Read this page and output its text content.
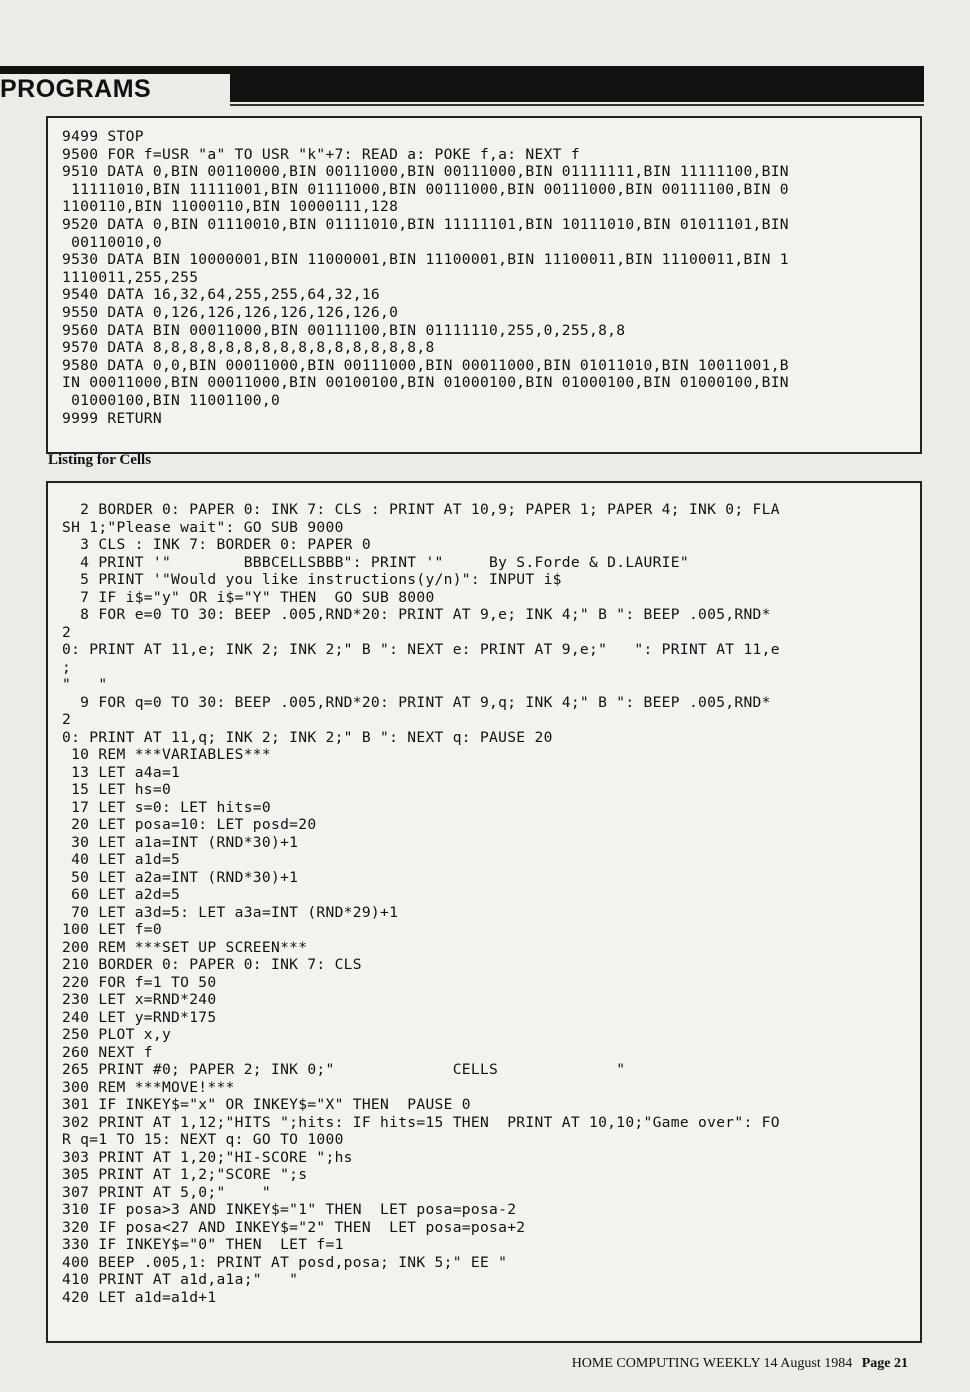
PROGRAMS
9499 STOP
9500 FOR f=USR "a" TO USR "k"+7: READ a: POKE f,a: NEXT f
9510 DATA 0,BIN 00110000,BIN 00111000,BIN 00111000,BIN 01111111,BIN 11111100,BIN
11111010,BIN 11111001,BIN 01111000,BIN 00111000,BIN 00111000,BIN 00111100,BIN 0
1100110,BIN 11000110,BIN 10000111,128
9520 DATA 0,BIN 01110010,BIN 01111010,BIN 11111101,BIN 10111010,BIN 01011101,BIN
00110010,0
9530 DATA BIN 10000001,BIN 11000001,BIN 11100001,BIN 11100011,BIN 11100011,BIN 1
1110011,255,255
9540 DATA 16,32,64,255,255,64,32,16
9550 DATA 0,126,126,126,126,126,126,0
9560 DATA BIN 00011000,BIN 00111100,BIN 01111110,255,0,255,8,8
9570 DATA 8,8,8,8,8,8,8,8,8,8,8,8,8,8,8,8
9580 DATA 0,0,BIN 00011000,BIN 00111000,BIN 00011000,BIN 01011010,BIN 10011001,B
IN 00011000,BIN 00011000,BIN 00100100,BIN 01000100,BIN 01000100,BIN 01000100,BIN
01000100,BIN 11001100,0
9999 RETURN
Listing for Cells
2 BORDER 0: PAPER 0: INK 7: CLS : PRINT AT 10,9; PAPER 1; PAPER 4; INK 0; FLA
SH 1;"Please wait": GO SUB 9000
3 CLS : INK 7: BORDER 0: PAPER 0
4 PRINT '"        BBBCELLSBBB": PRINT '"     By S.Forde & D.LAURIE"
5 PRINT '"Would you like instructions(y/n)": INPUT i$
7 IF i$="y" OR i$="Y" THEN  GO SUB 8000
8 FOR e=0 TO 30: BEEP .005,RND*20: PRINT AT 9,e; INK 4;" B ": BEEP .005,RND*
2
0: PRINT AT 11,e; INK 2; INK 2;" B ": NEXT e: PRINT AT 9,e;"   ": PRINT AT 11,e
;
"   "
9 FOR q=0 TO 30: BEEP .005,RND*20: PRINT AT 9,q; INK 4;" B ": BEEP .005,RND*
2
0: PRINT AT 11,q; INK 2; INK 2;" B ": NEXT q: PAUSE 20
10 REM ***VARIABLES***
13 LET a4a=1
15 LET hs=0
17 LET s=0: LET hits=0
20 LET posa=10: LET posd=20
30 LET a1a=INT (RND*30)+1
40 LET a1d=5
50 LET a2a=INT (RND*30)+1
60 LET a2d=5
70 LET a3d=5: LET a3a=INT (RND*29)+1
100 LET f=0
200 REM ***SET UP SCREEN***
210 BORDER 0: PAPER 0: INK 7: CLS
220 FOR f=1 TO 50
230 LET x=RND*240
240 LET y=RND*175
250 PLOT x,y
260 NEXT f
265 PRINT #0; PAPER 2; INK 0;"             CELLS             "
300 REM ***MOVE!***
301 IF INKEY$="x" OR INKEY$="X" THEN  PAUSE 0
302 PRINT AT 1,12;"HITS ";hits: IF hits=15 THEN  PRINT AT 10,10;"Game over": FO
R q=1 TO 15: NEXT q: GO TO 1000
303 PRINT AT 1,20;"HI-SCORE ";hs
305 PRINT AT 1,2;"SCORE ";s
307 PRINT AT 5,0;"    "
310 IF posa>3 AND INKEY$="1" THEN  LET posa=posa-2
320 IF posa<27 AND INKEY$="2" THEN  LET posa=posa+2
330 IF INKEY$="0" THEN  LET f=1
400 BEEP .005,1: PRINT AT posd,posa; INK 5;" EE "
410 PRINT AT a1d,a1a;"   "
420 LET a1d=a1d+1
HOME COMPUTING WEEKLY 14 August 1984 Page 21
